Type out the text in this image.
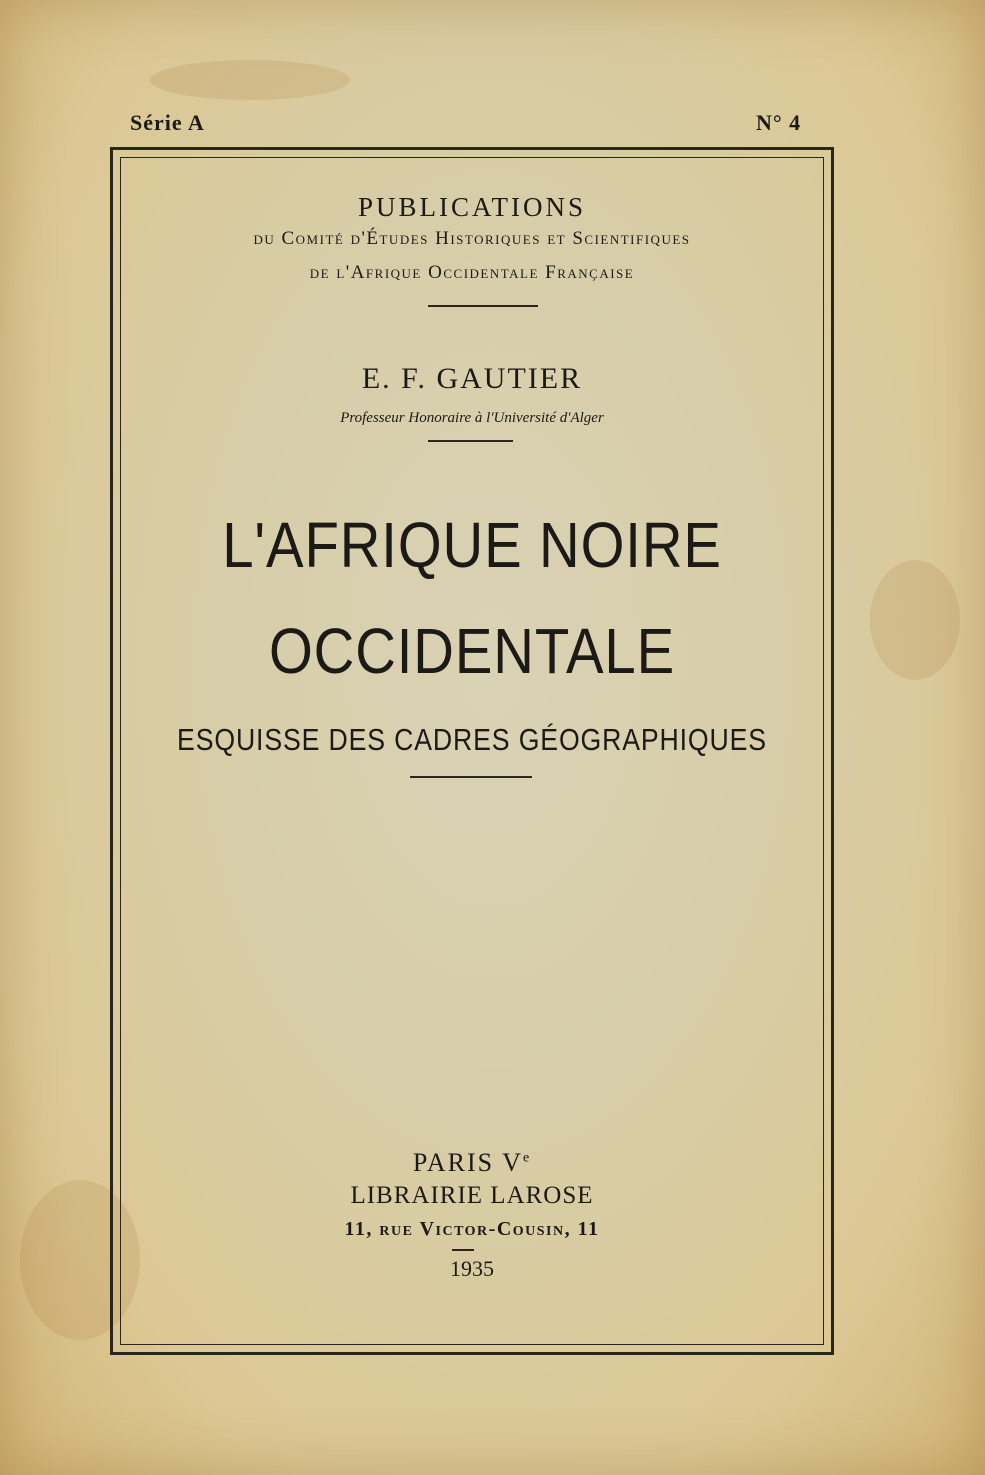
Série A	N° 4
PUBLICATIONS
du Comité d'Études Historiques et Scientifiques
de l'Afrique Occidentale Française
E. F. GAUTIER
Professeur Honoraire à l'Université d'Alger
L'AFRIQUE NOIRE
OCCIDENTALE
ESQUISSE DES CADRES GÉOGRAPHIQUES
PARIS Ve
LIBRAIRIE LAROSE
11, rue Victor-Cousin, 11
1935
